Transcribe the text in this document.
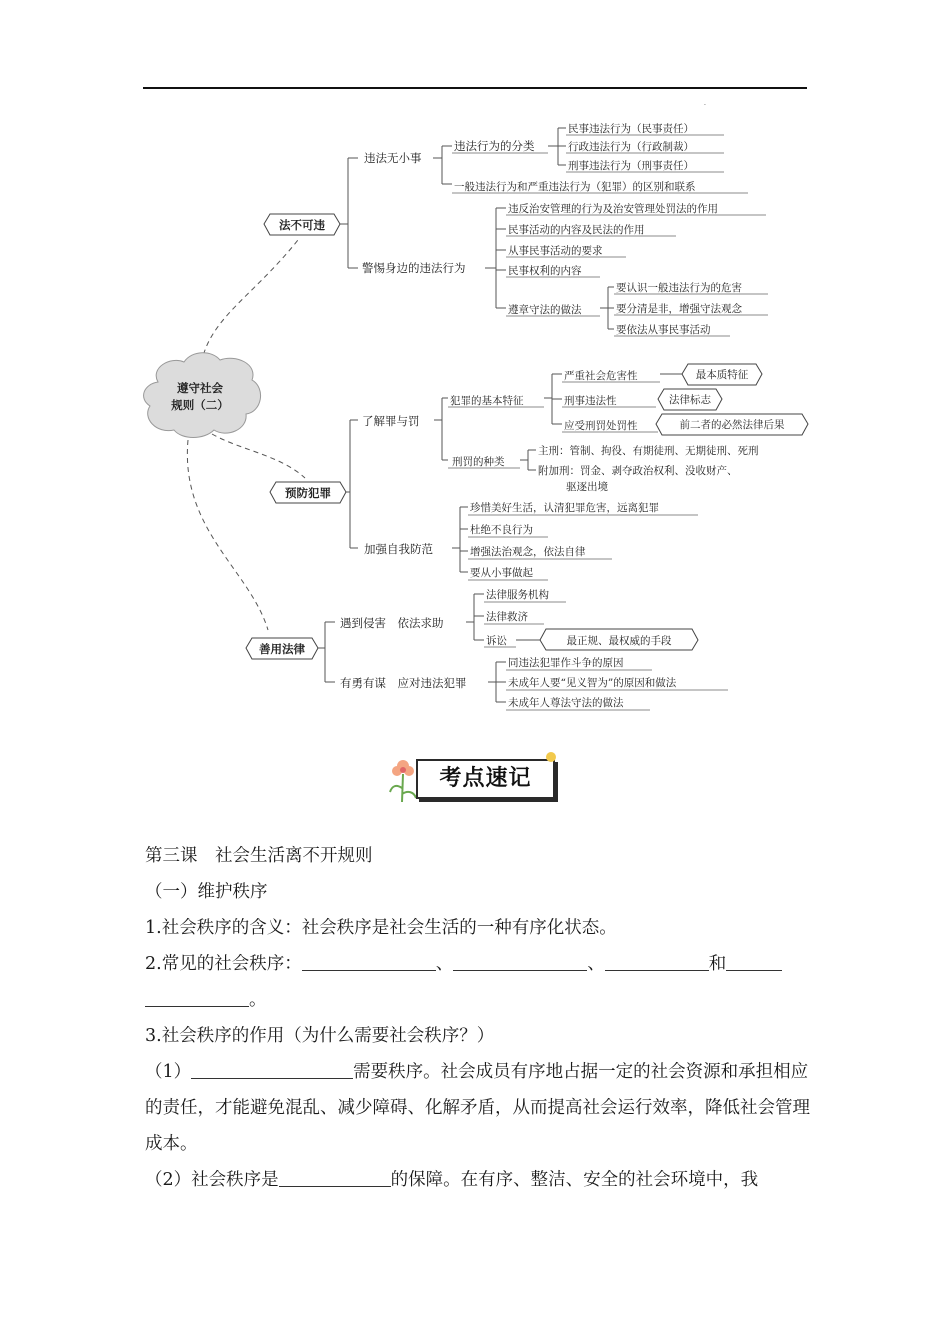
.
遵守社会
规则（二）
法不可违
违法无小事
违法行为的分类
民事违法行为（民事责任）
行政违法行为（行政制裁）
刑事违法行为（刑事责任）
一般违法行为和严重违法行为（犯罪）的区别和联系
警惕身边的违法行为
违反治安管理的行为及治安管理处罚法的作用
民事活动的内容及民法的作用
从事民事活动的要求
民事权利的内容
遵章守法的做法
要认识一般违法行为的危害
要分清是非，增强守法观念
要依法从事民事活动
预防犯罪
了解罪与罚
犯罪的基本特征
严重社会危害性
刑事违法性
应受刑罚处罚性
最本质特征
法律标志
前二者的必然法律后果
刑罚的种类
主刑：管制、拘役、有期徒刑、无期徒刑、死刑
附加刑：罚金、剥夺政治权利、没收财产、
驱逐出境
加强自我防范
珍惜美好生活，认清犯罪危害，远离犯罪
杜绝不良行为
增强法治观念，依法自律
要从小事做起
善用法律
遇到侵害　依法求助
法律服务机构
法律救济
诉讼	最正规、最权威的手段
有勇有谋　应对违法犯罪
同违法犯罪作斗争的原因
未成年人要“见义智为”的原因和做法
未成年人尊法守法的做法
考点速记

第三课　社会生活离不开规则

（一）维护秩序

1.社会秩序的含义：社会秩序是社会生活的一种有序化状态。

2.常见的社会秩序：	、	、	和

。

3.社会秩序的作用（为什么需要社会秩序？）

（1）	需要秩序。社会成员有序地占据一定的社会资源和承担相应的责任，才能避免混乱、减少障碍、化解矛盾，从而提高社会运行效率，降低社会管理成本。

（2）社会秩序是	的保障。在有序、整洁、安全的社会环境中，我
